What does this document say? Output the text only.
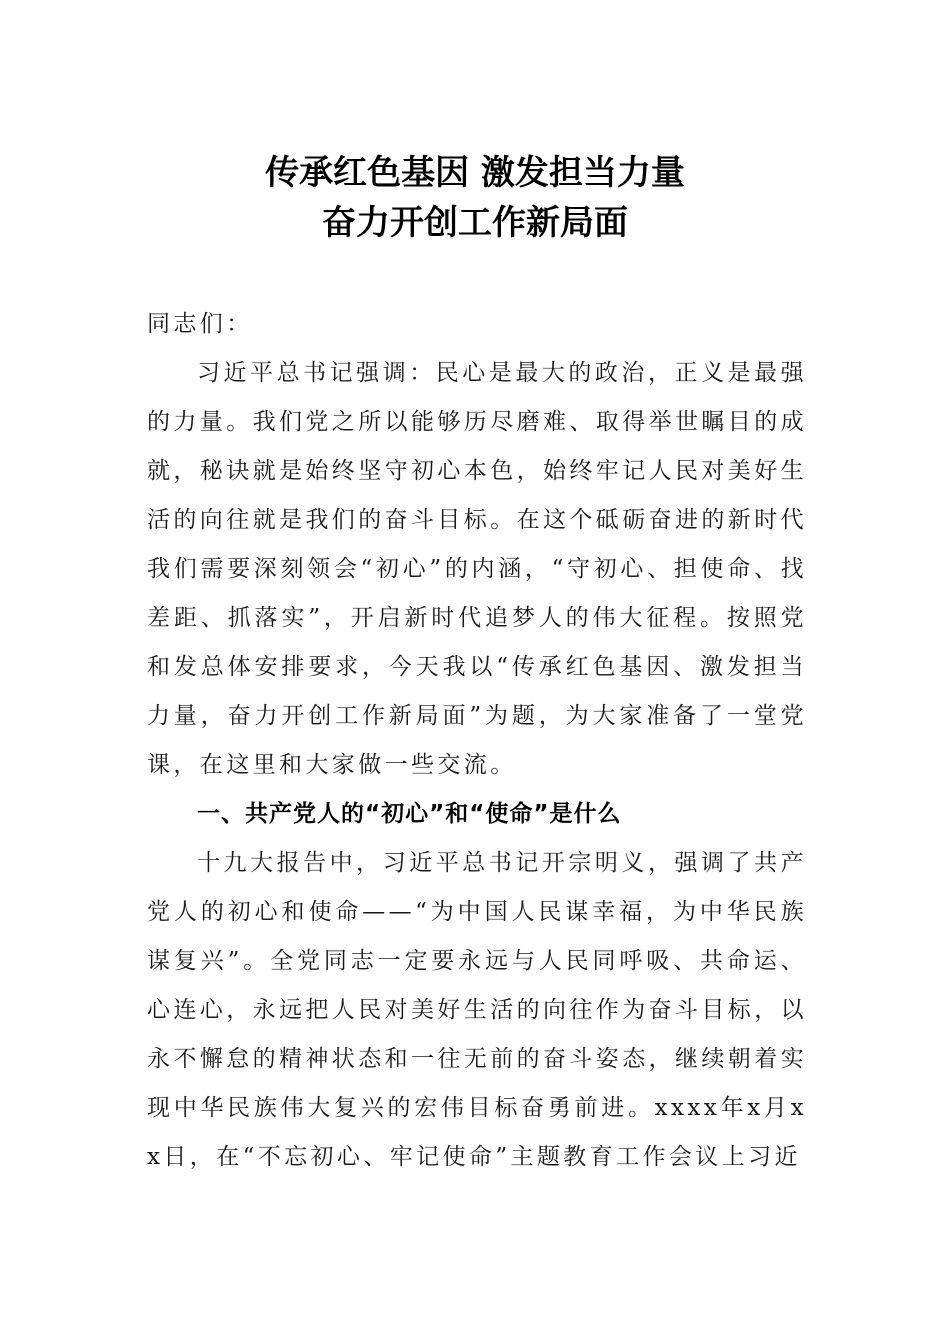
传承红色基因 激发担当力量
奋力开创工作新局面

同志们：

习近平总书记强调：民心是最大的政治，正义是最强的力量。我们党之所以能够历尽磨难、取得举世瞩目的成就，秘诀就是始终坚守初心本色，始终牢记人民对美好生活的向往就是我们的奋斗目标。在这个砥砺奋进的新时代我们需要深刻领会“初心”的内涵，“守初心、担使命、找差距、抓落实”，开启新时代追梦人的伟大征程。按照党和发总体安排要求，今天我以“传承红色基因、激发担当力量，奋力开创工作新局面”为题，为大家准备了一堂党课，在这里和大家做一些交流。

一、共产党人的“初心”和“使命”是什么

十九大报告中，习近平总书记开宗明义，强调了共产党人的初心和使命——“为中国人民谋幸福，为中华民族谋复兴”。全党同志一定要永远与人民同呼吸、共命运、心连心，永远把人民对美好生活的向往作为奋斗目标，以永不懈怠的精神状态和一往无前的奋斗姿态，继续朝着实现中华民族伟大复兴的宏伟目标奋勇前进。xxxx年x月xx日，在“不忘初心、牢记使命”主题教育工作会议上习近
